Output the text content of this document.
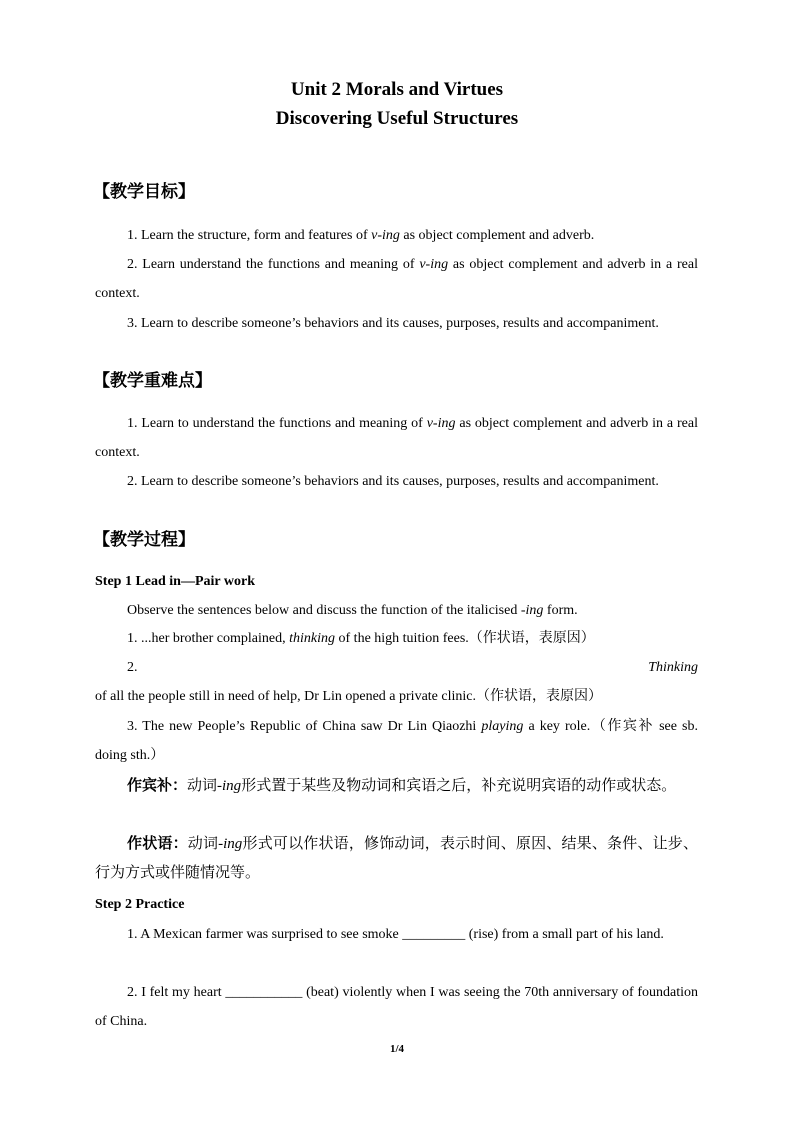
Unit 2 Morals and Virtues
Discovering Useful Structures
【教学目标】

1. Learn the structure, form and features of v-ing as object complement and adverb.

2. Learn understand the functions and meaning of v-ing as object complement and adverb in a real context.

3. Learn to describe someone’s behaviors and its causes, purposes, results and accompaniment.

【教学重难点】

1. Learn to understand the functions and meaning of v-ing as object complement and adverb in a real context.

2. Learn to describe someone’s behaviors and its causes, purposes, results and accompaniment.

【教学过程】

Step 1 Lead in—Pair work

Observe the sentences below and discuss the function of the italicised -ing form.

1. ...her brother complained, thinking of the high tuition fees.（作状语，表原因）

2. Thinking of all the people still in need of help, Dr Lin opened a private clinic.（作状语，表原因）

3. The new People’s Republic of China saw Dr Lin Qiaozhi playing a key role.（作宾补 see sb. doing sth.）

作宾补：动词-ing形式置于某些及物动词和宾语之后，补充说明宾语的动作或状态。

作状语：动词-ing形式可以作状语，修饰动词，表示时间、原因、结果、条件、让步、行为方式或伴随情况等。

Step 2 Practice

1. A Mexican farmer was surprised to see smoke _________ (rise) from a small part of his land.

2. I felt my heart ___________ (beat) violently when I was seeing the 70th anniversary of foundation of China.

1/4
